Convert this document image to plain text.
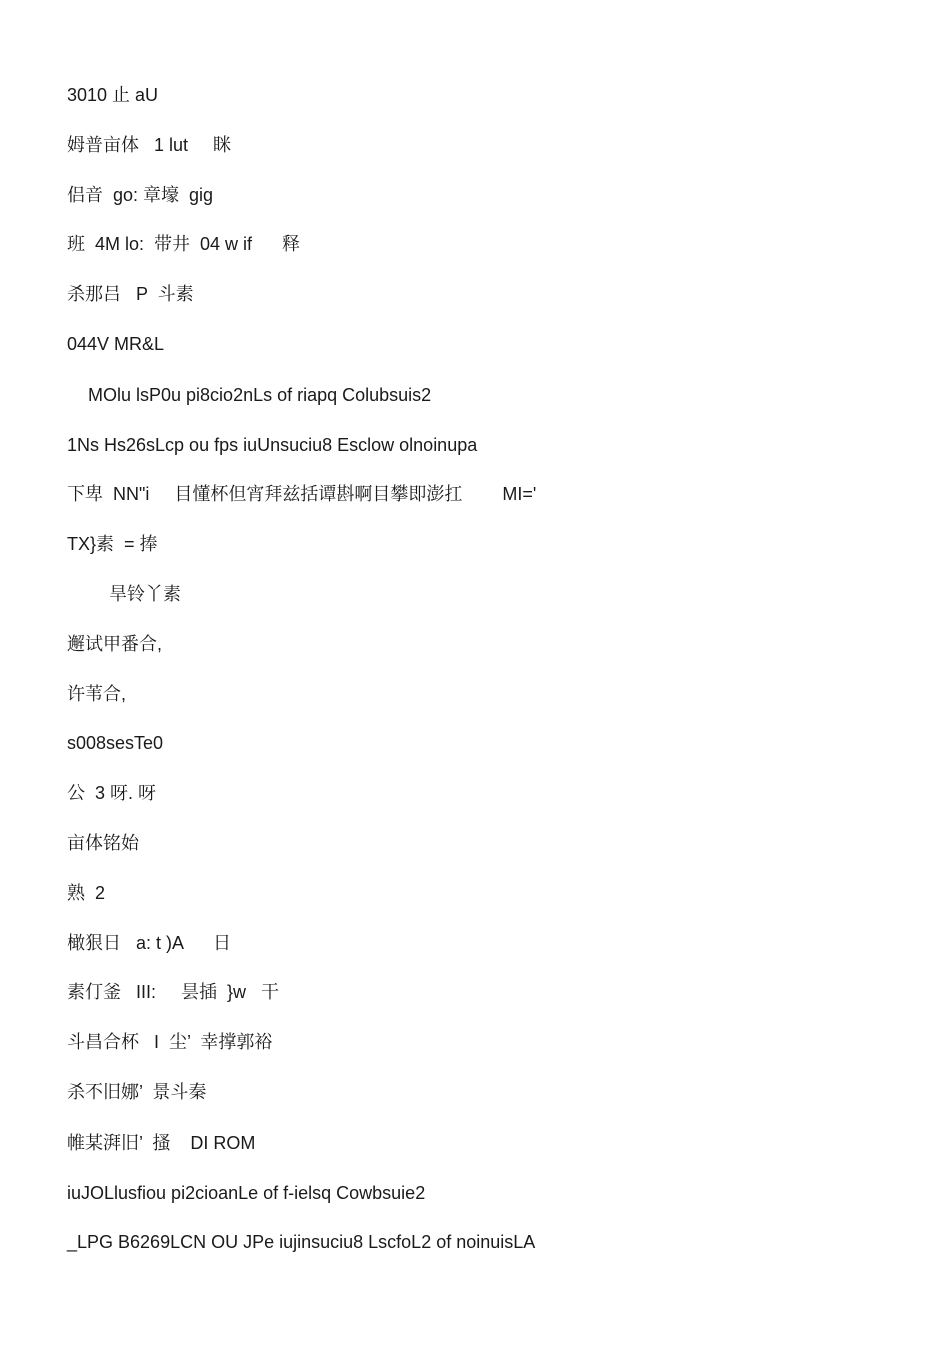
3010 止 aU

姆普亩体   1 lut     眯

侣音  go: 章壕  gig

班  4M lo:  带井  04 w if      释

杀那吕   P  斗素

044V MR&L

MOlu lsP0u pi8cio2nLs of riapq Colubsuis2

1Ns Hs26sLcp ou fps iuUnsuciu8 Esclow olnoinupa

下卑  NN"i     目懂杯但宵拜兹括谭斟啊目攀即澎扛        MI='

TX}素  = 捧

旱铃丫素

邂试甲番合,

许苇合,

s008sesTe0

公  3 呀. 呀

亩体铭始

熟  2

橄狠日   a: t )A      日

素仃釜   III:     昙插  }w   干

斗昌合杯   I  尘’  幸撑郭裕

杀不旧娜’  景斗秦

帷某湃旧’  搔    DI ROM

iuJOLlusfiou pi2cioanLe of f-ielsq Cowbsuie2

_LPG B6269LCN OU JPe iujinsuciu8 LscfoL2 of noinuisLA
